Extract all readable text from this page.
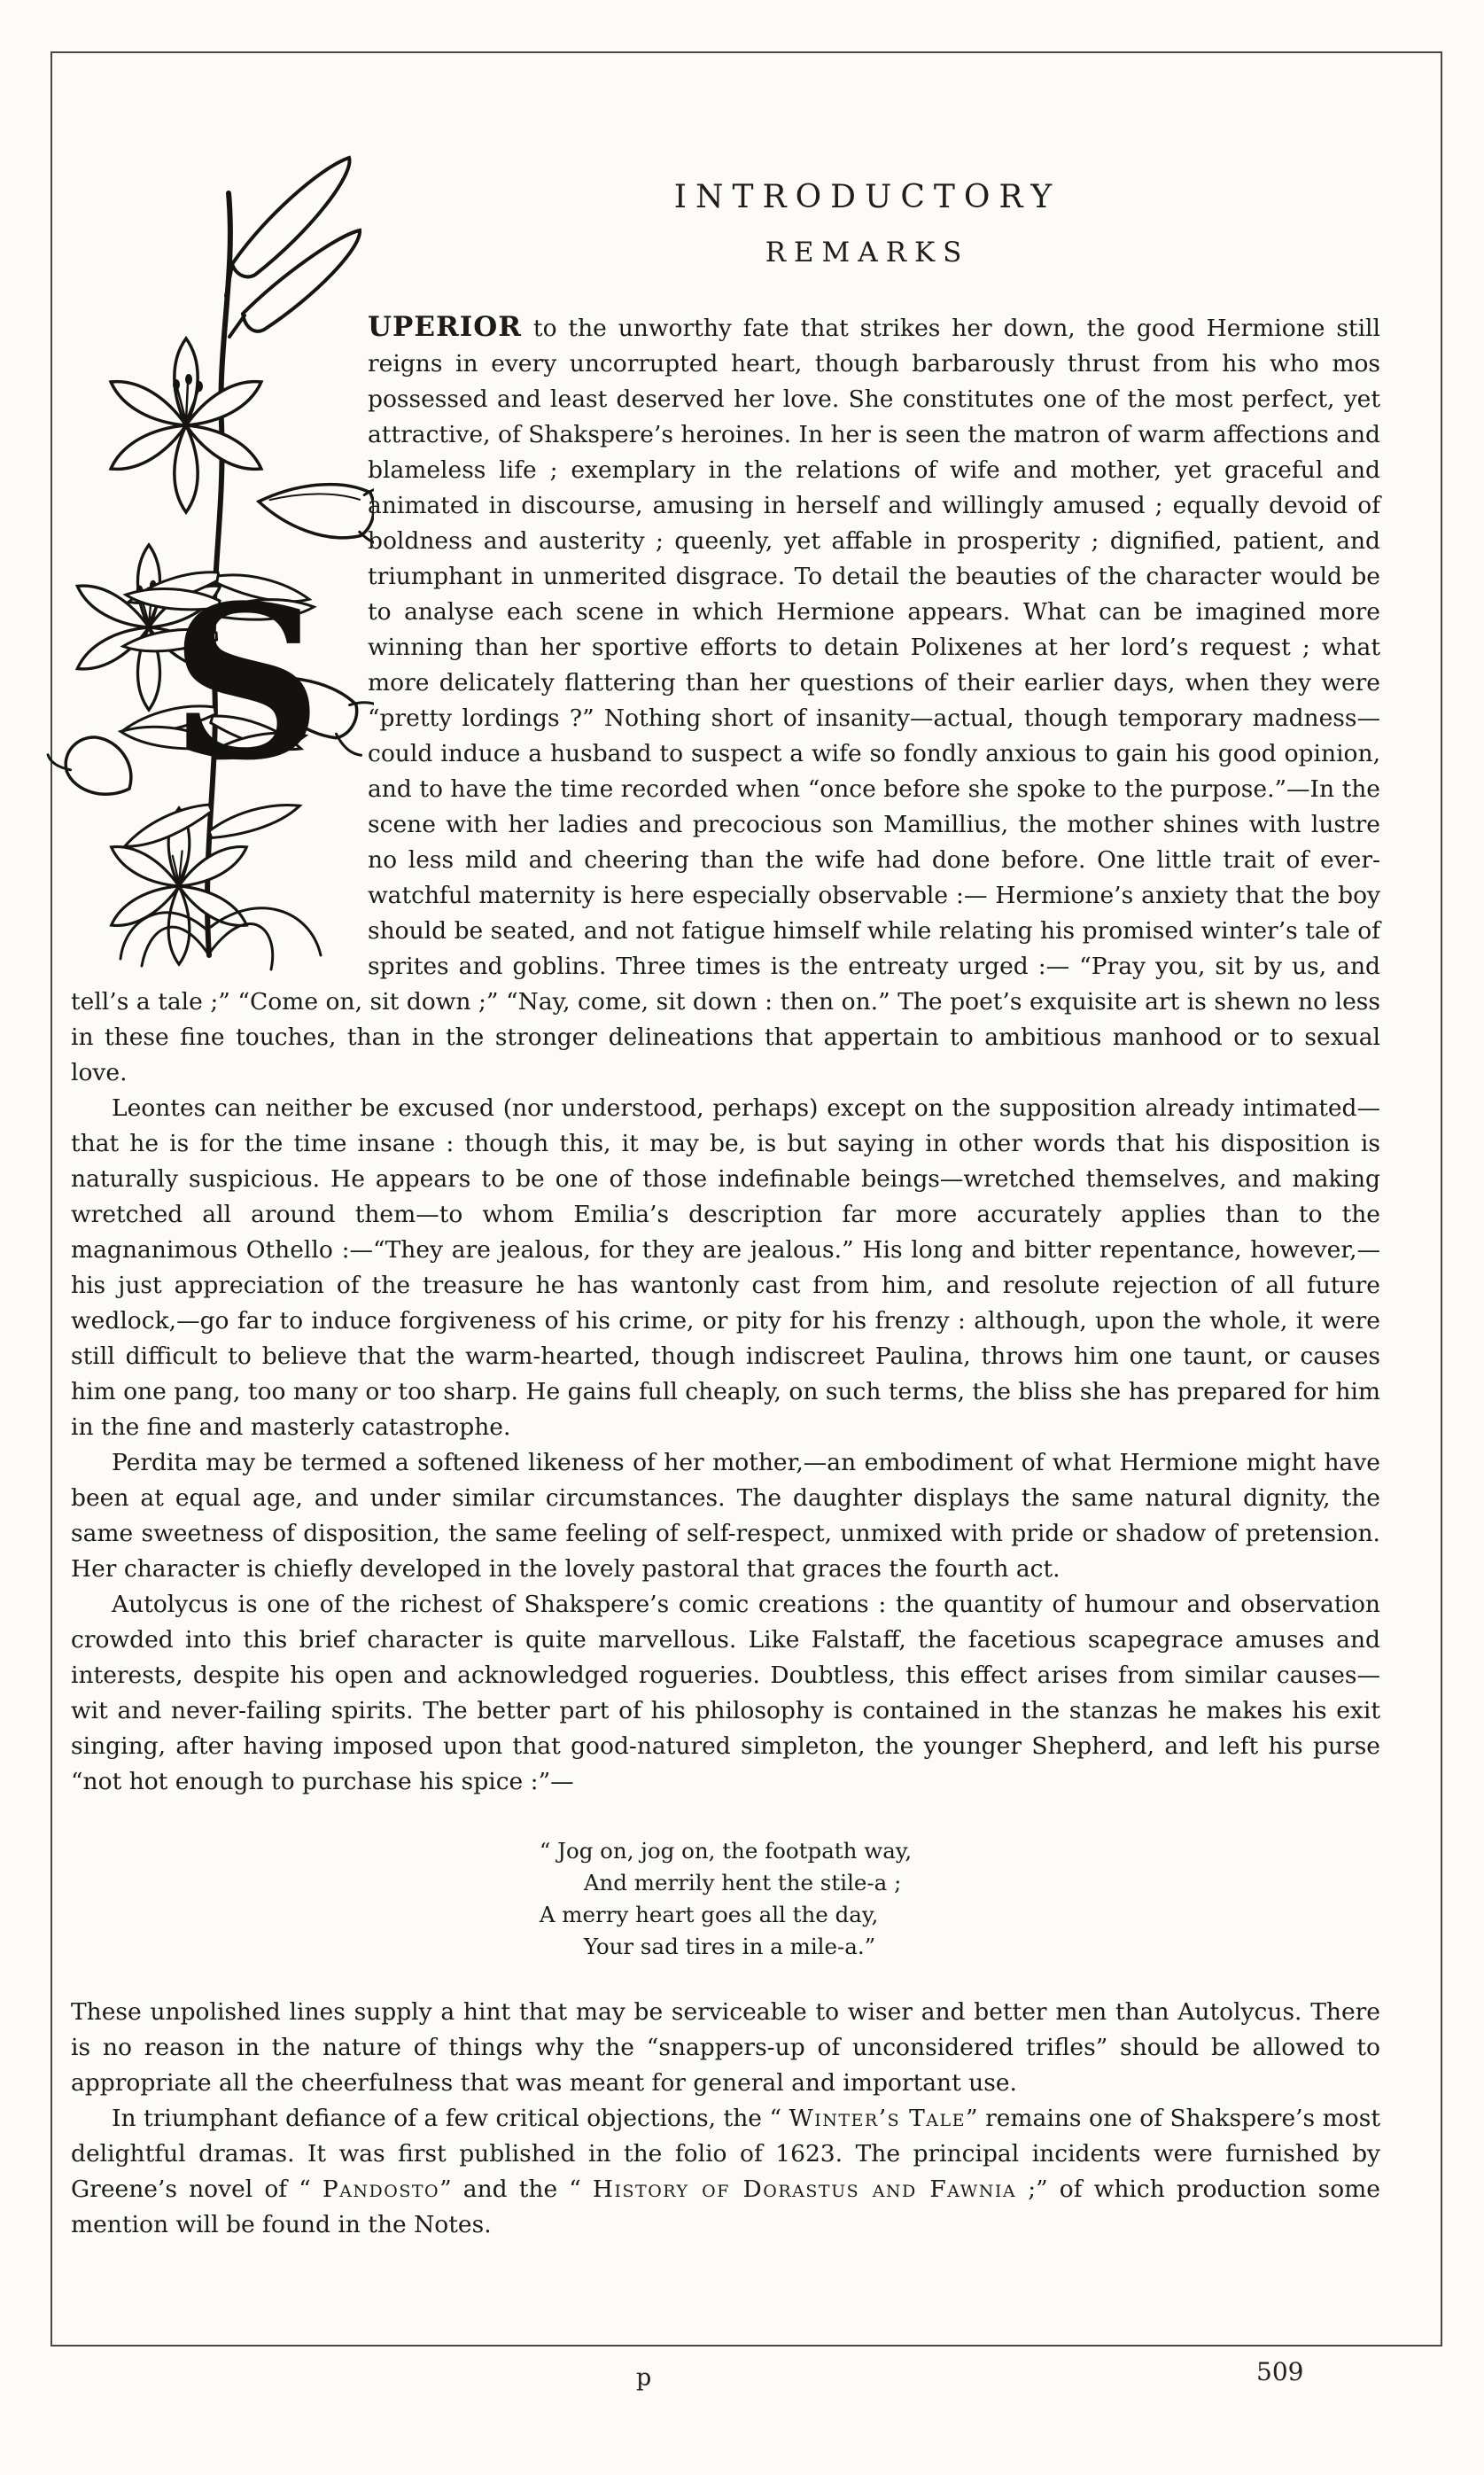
S
INTRODUCTORY
REMARKS

UPERIOR to the unworthy fate that strikes her down, the good Hermione still reigns in every uncorrupted heart, though barbarously thrust from his who mos possessed and least deserved her love. She constitutes one of the most perfect, yet attractive, of Shakspere’s heroines. In her is seen the matron of warm affections and blameless life ; exemplary in the relations of wife and mother, yet graceful and animated in discourse, amusing in herself and willingly amused ; equally devoid of boldness and austerity ; queenly, yet affable in prosperity ; dignified, patient, and triumphant in unmerited disgrace. To detail the beauties of the character would be to analyse each scene in which Hermione appears. What can be imagined more winning than her sportive efforts to detain Polixenes at her lord’s request ; what more delicately flattering than her questions of their earlier days, when they were “pretty lordings ?” Nothing short of insanity—actual, though temporary madness—could induce a husband to suspect a wife so fondly anxious to gain his good opinion, and to have the time recorded when “once before she spoke to the purpose.”—In the scene with her ladies and precocious son Mamillius, the mother shines with lustre no less mild and cheering than the wife had done before. One little trait of ever-watchful maternity is here especially observable :— Hermione’s anxiety that the boy should be seated, and not fatigue himself while relating his promised winter’s tale of sprites and goblins. Three times is the entreaty urged :— “Pray you, sit by us, and tell’s a tale ;” “Come on, sit down ;” “Nay, come, sit down : then on.” The poet’s exquisite art is shewn no less in these fine touches, than in the stronger delineations that appertain to ambitious manhood or to sexual love.

Leontes can neither be excused (nor understood, perhaps) except on the supposition already intimated—that he is for the time insane : though this, it may be, is but saying in other words that his disposition is naturally suspicious. He appears to be one of those indefinable beings—wretched themselves, and making wretched all around them—to whom Emilia’s description far more accurately applies than to the magnanimous Othello :—“They are jealous, for they are jealous.” His long and bitter repentance, however,—his just appreciation of the treasure he has wantonly cast from him, and resolute rejection of all future wedlock,—go far to induce forgiveness of his crime, or pity for his frenzy : although, upon the whole, it were still difficult to believe that the warm-hearted, though indiscreet Paulina, throws him one taunt, or causes him one pang, too many or too sharp. He gains full cheaply, on such terms, the bliss she has prepared for him in the fine and masterly catastrophe.

Perdita may be termed a softened likeness of her mother,—an embodiment of what Hermione might have been at equal age, and under similar circumstances. The daughter displays the same natural dignity, the same sweetness of disposition, the same feeling of self-respect, unmixed with pride or shadow of pretension. Her character is chiefly developed in the lovely pastoral that graces the fourth act.

Autolycus is one of the richest of Shakspere’s comic creations : the quantity of humour and observation crowded into this brief character is quite marvellous. Like Falstaff, the facetious scapegrace amuses and interests, despite his open and acknowledged rogueries. Doubtless, this effect arises from similar causes—wit and never-failing spirits. The better part of his philosophy is contained in the stanzas he makes his exit singing, after having imposed upon that good-natured simpleton, the younger Shepherd, and left his purse “not hot enough to purchase his spice :”—

“ Jog on, jog on, the footpath way,
And merrily hent the stile-a ;
A merry heart goes all the day,
Your sad tires in a mile-a.”

These unpolished lines supply a hint that may be serviceable to wiser and better men than Autolycus. There is no reason in the nature of things why the “snappers-up of unconsidered trifles” should be allowed to appropriate all the cheerfulness that was meant for general and important use.

In triumphant defiance of a few critical objections, the “ Winter’s Tale” remains one of Shakspere’s most delightful dramas. It was first published in the folio of 1623. The principal incidents were furnished by Greene’s novel of “ Pandosto” and the “ History of Dorastus and Fawnia ;” of which production some mention will be found in the Notes.

p	509
